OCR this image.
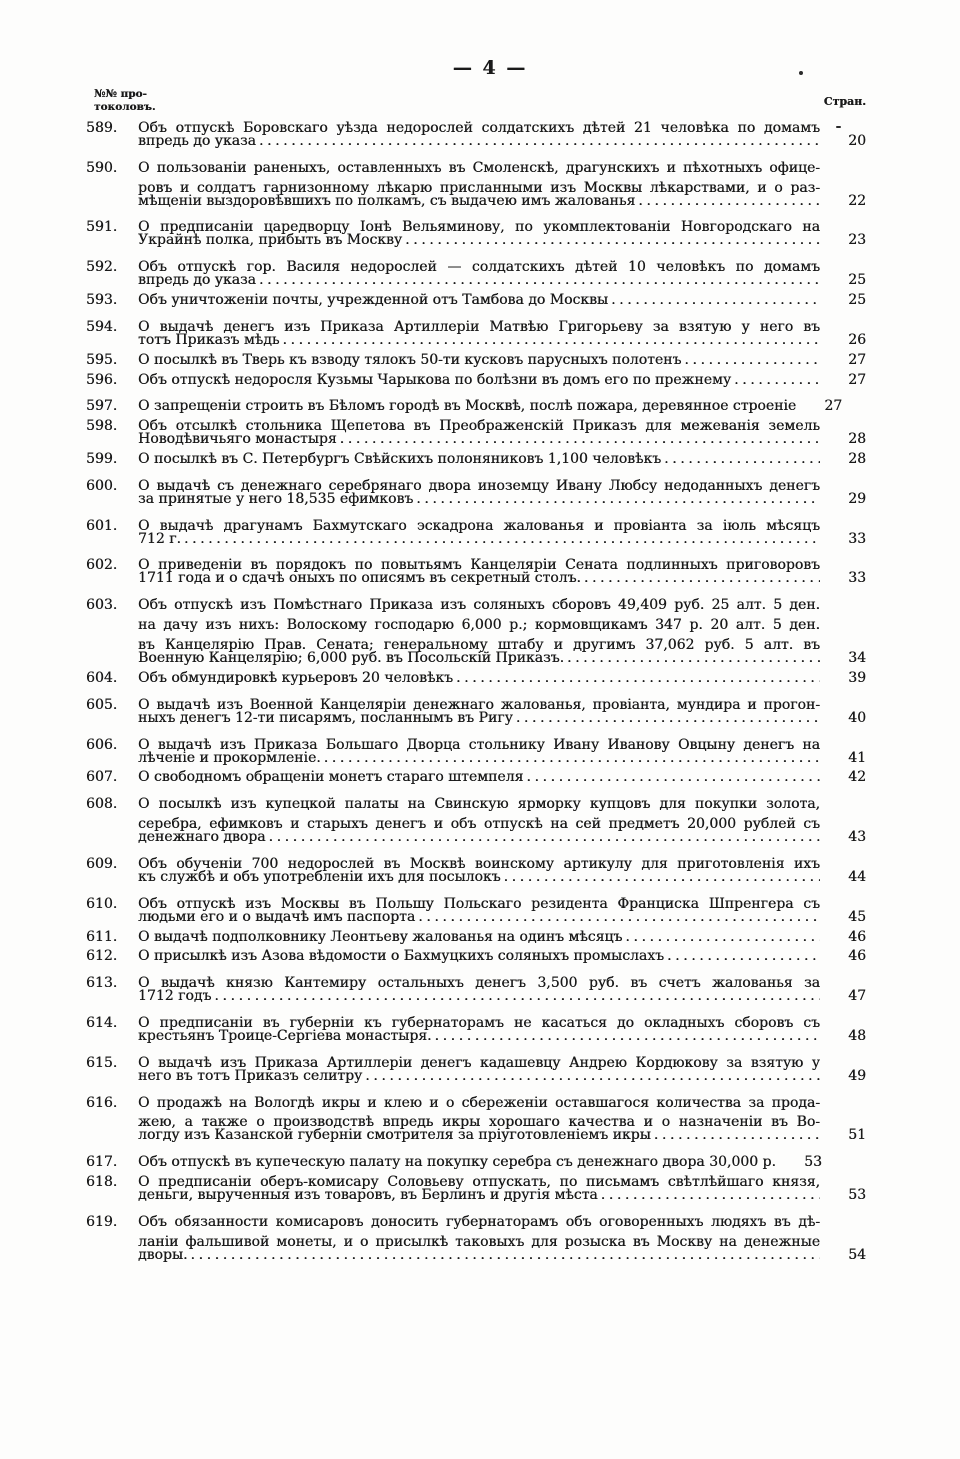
— 4 —
№№ про-
токоловъ.	Стран.
589.	Объ отпускѣ Боровскаго уѣзда недорослей солдатскихъ дѣтей 21 человѣка по домамъ
впредь до указа .....	20
590.	О пользованіи раненыхъ, оставленныхъ въ Смоленскѣ, драгунскихъ и пѣхотныхъ офице-
ровъ и солдатъ гарнизонному лѣкарю присланными изъ Москвы лѣкарствами, и о раз-
мѣщеніи выздоровѣвшихъ по полкамъ, съ выдачею имъ жалованья .....	22
591.	О предписаніи царедворцу Іонѣ Вельяминову, по укомплектованіи Новгородскаго на
Украйнѣ полка, прибыть въ Москву .....	23
592.	Объ отпускѣ гор. Василя недорослей — солдатскихъ дѣтей 10 человѣкъ по домамъ
впредь до указа .....	25
593.	Объ уничтоженіи почты, учрежденной отъ Тамбова до Москвы .....	25
594.	О выдачѣ денегъ изъ Приказа Артиллеріи Матвѣю Григорьеву за взятую у него въ
тотъ Приказъ мѣдь .....	26
595.	О посылкѣ въ Тверь къ взводу тялокъ 50-ти кусковъ парусныхъ полотенъ .....	27
596.	Объ отпускѣ недоросля Кузьмы Чарыкова по болѣзни въ домъ его по прежнему .....	27
597.	О запрещеніи строить въ Бѣломъ городѣ въ Москвѣ, послѣ пожара, деревянное строеніе	27
598.	Объ отсылкѣ стольника Щепетова въ Преображенскій Приказъ для межеванія земель
Новодѣвичьяго монастыря .....	28
599.	О посылкѣ въ С. Петербургъ Свѣйскихъ полоняниковъ 1,100 человѣкъ .....	28
600.	О выдачѣ съ денежнаго серебрянаго двора иноземцу Ивану Любсу недоданныхъ денегъ
за принятые у него 18,535 ефимковъ .....	29
601.	О выдачѣ драгунамъ Бахмутскаго эскадрона жалованья и провіанта за іюль мѣсяцъ
712 г. .....	33
602.	О приведеніи въ порядокъ по повытьямъ Канцеляріи Сената подлинныхъ приговоровъ
1711 года и о сдачѣ оныхъ по описямъ въ секретный столъ. .....	33
603.	Объ отпускѣ изъ Помѣстнаго Приказа изъ соляныхъ сборовъ 49,409 руб. 25 алт. 5 ден.
на дачу изъ нихъ: Волоскому господарю 6,000 р.; кормовщикамъ 347 р. 20 алт. 5 ден.
въ Канцелярію Прав. Сената; генеральному штабу и другимъ 37,062 руб. 5 алт. въ
Военную Канцелярію; 6,000 руб. въ Посольскій Приказъ. .....	34
604.	Объ обмундировкѣ курьеровъ 20 человѣкъ .....	39
605.	О выдачѣ изъ Военной Канцеляріи денежнаго жалованья, провіанта, мундира и прогон-
ныхъ денегъ 12-ти писарямъ, посланнымъ въ Ригу .....	40
606.	О выдачѣ изъ Приказа Большаго Дворца стольнику Ивану Иванову Овцыну денегъ на
лѣченіе и прокормленіе. .....	41
607.	О свободномъ обращеніи монетъ стараго штемпеля .....	42
608.	О посылкѣ изъ купецкой палаты на Свинскую ярморку купцовъ для покупки золота,
серебра, ефимковъ и старыхъ денегъ и объ отпускѣ на сей предметъ 20,000 рублей съ
денежнаго двора .....	43
609.	Объ обученіи 700 недорослей въ Москвѣ воинскому артикулу для приготовленія ихъ
къ службѣ и объ употребленіи ихъ для посылокъ .....	44
610.	Объ отпускѣ изъ Москвы въ Польшу Польскаго резидента Франциска Шпренгера съ
людьми его и о выдачѣ имъ паспорта .....	45
611.	О выдачѣ подполковнику Леонтьеву жалованья на одинъ мѣсяцъ .....	46
612.	О присылкѣ изъ Азова вѣдомости о Бахмуцкихъ соляныхъ промыслахъ .....	46
613.	О выдачѣ князю Кантемиру остальныхъ денегъ 3,500 руб. въ счетъ жалованья за
1712 годъ .....	47
614.	О предписаніи въ губерніи къ губернаторамъ не касаться до окладныхъ сборовъ съ
крестьянъ Троице-Сергіева монастыря. .....	48
615.	О выдачѣ изъ Приказа Артиллеріи денегъ кадашевцу Андрею Кордюкову за взятую у
него въ тотъ Приказъ селитру .....	49
616.	О продажѣ на Вологдѣ икры и клею и о сбереженіи оставшагося количества за прода-
жею, а также о производствѣ впредь икры хорошаго качества и о назначеніи въ Во-
логду изъ Казанской губерніи смотрителя за пріуготовленіемъ икры .....	51
617.	Объ отпускѣ въ купеческую палату на покупку серебра съ денежнаго двора 30,000 р.	53
618.	О предписаніи оберъ-комисару Соловьеву отпускать, по письмамъ свѣтлѣйшаго князя,
деньги, вырученныя изъ товаровъ, въ Берлинъ и другія мѣста .....	53
619.	Объ обязанности комисаровъ доносить губернаторамъ объ оговоренныхъ людяхъ въ дѣ-
ланіи фальшивой монеты, и о присылкѣ таковыхъ для розыска въ Москву на денежные
дворы. .....	54
